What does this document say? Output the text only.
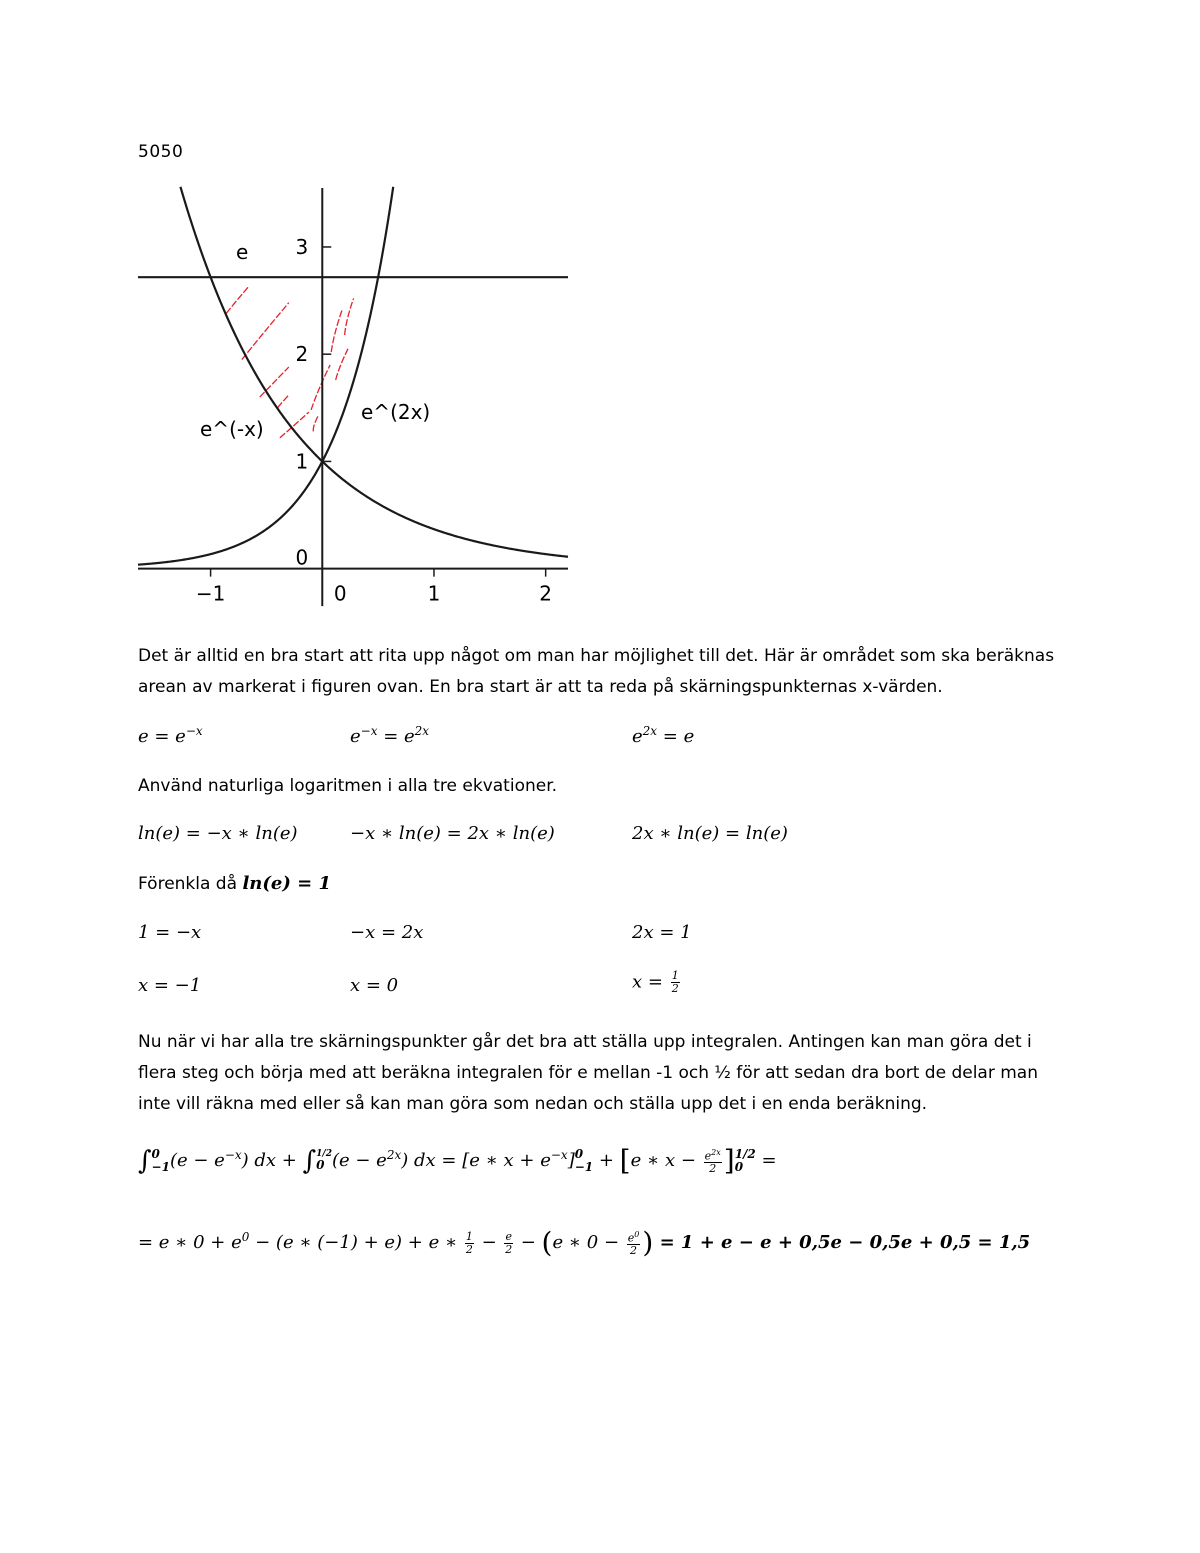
5050
−1	0	1	2
0
1
2
3
e
e^(-x)
e^(2x)
Det är alltid en bra start att rita upp något om man har möjlighet till det. Här är området som ska beräknas arean av markerat i figuren ovan. En bra start är att ta reda på skärningspunkternas x-värden.
$e = e^{-x}$	$e^{-x} = e^{2x}$	$e^{2x} = e$
Använd naturliga logaritmen i alla tre ekvationer.
ln(e) = −x ∗ ln(e)	−x ∗ ln(e) = 2x ∗ ln(e)	2x ∗ ln(e) = ln(e)
Förenkla då ln(e) = 1
1 = −x	−x = 2x	2x = 1
x = −1	x = 0	$x = \frac{1}{2}$
Nu när vi har alla tre skärningspunkter går det bra att ställa upp integralen. Antingen kan man göra det i flera steg och börja med att beräkna integralen för e mellan -1 och ½ för att sedan dra bort de delar man inte vill räkna med eller så kan man göra som nedan och ställa upp det i en enda beräkning.
∫ 0
−1 $(e - e^{-x})$ dx + ∫ 1/2
0 $(e - e^{2x})$ dx = [e ∗ $x + e^{-x}$] 0
−1 + [e ∗ $x - \frac{e^{2x}}{2}$ ] 1/2
0 =
= e ∗ $0 + e^0 - (e$ ∗ (−1) + e) + e ∗ $\frac{1}{2} - \frac{e}{2} - (e$ ∗ $0 - \frac{e^0}{2}$ ) = 1 + e − e + 0,5e − 0,5e + 0,5 = 1,5
